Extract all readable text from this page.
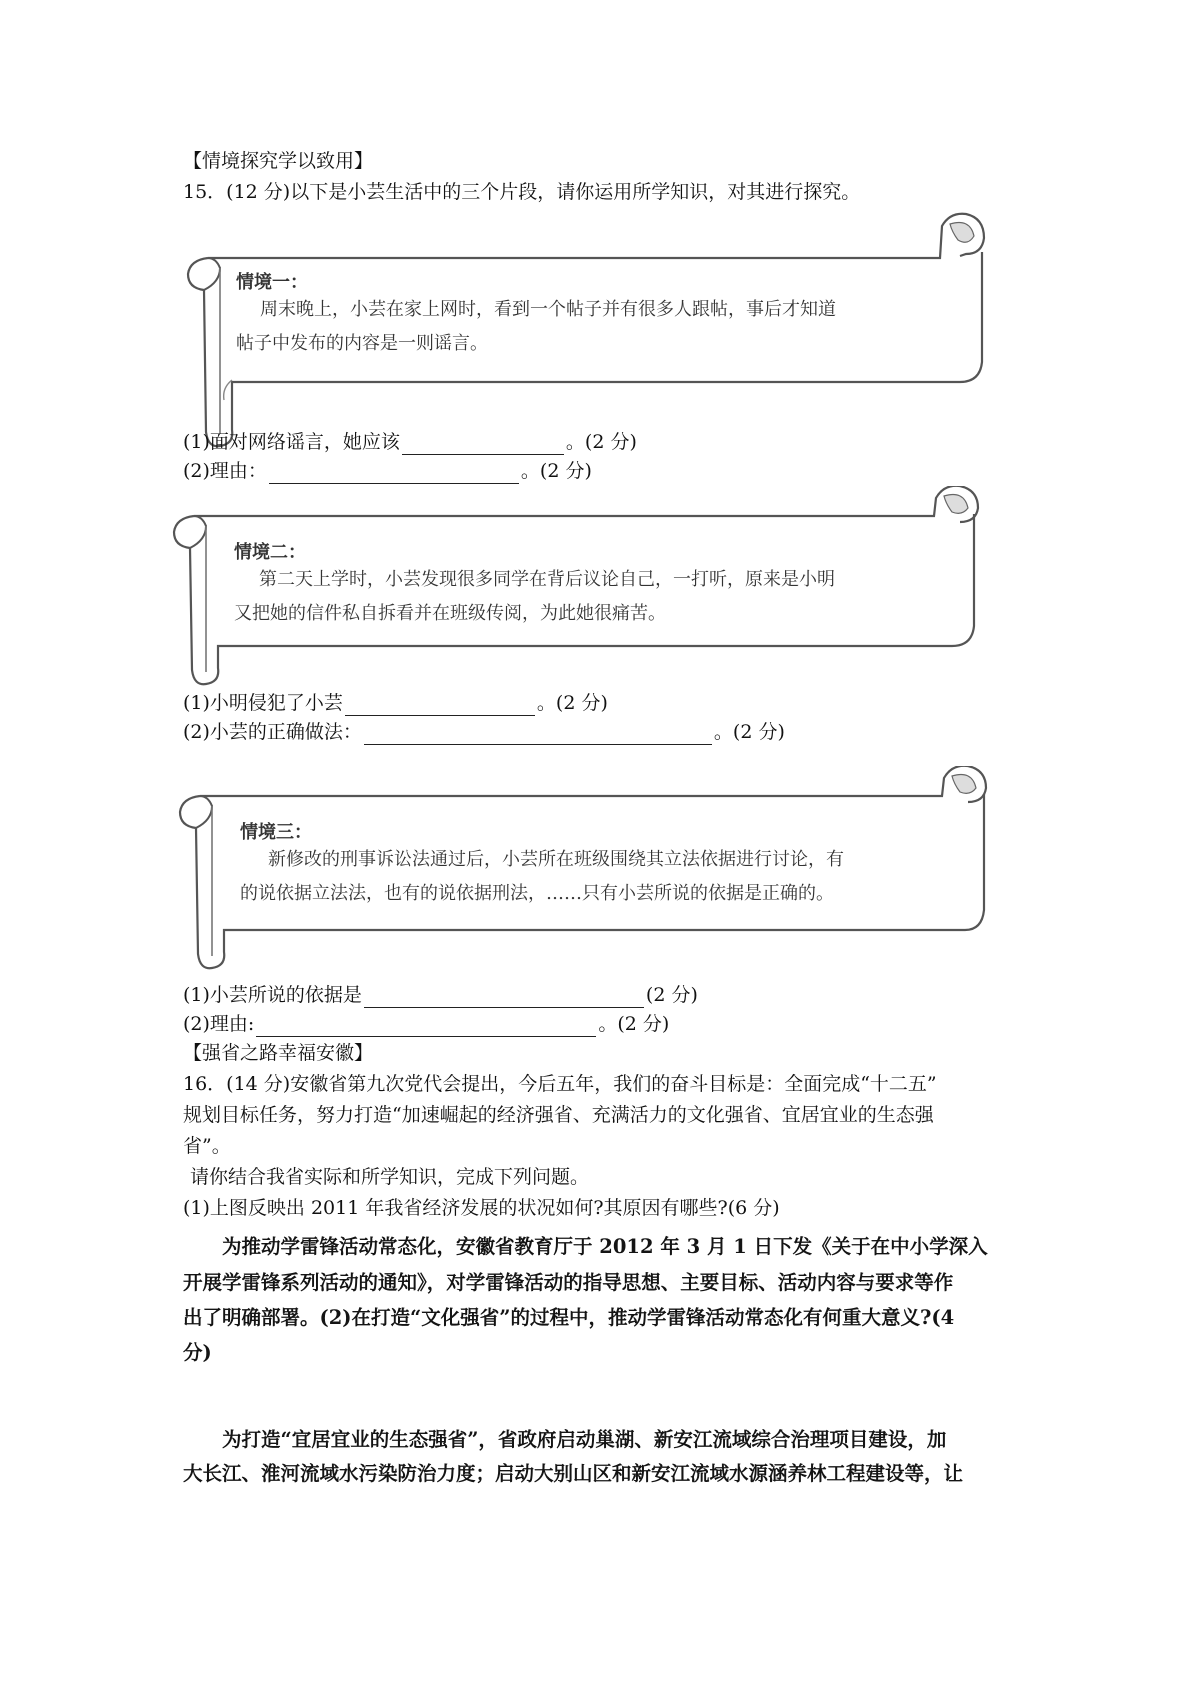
【情境探究学以致用】

15．(12 分)以下是小芸生活中的三个片段，请你运用所学知识，对其进行探究。

情境一：
周末晚上，小芸在家上网时，看到一个帖子并有很多人跟帖，事后才知道
帖子中发布的内容是一则谣言。

(1)面对网络谣言，她应该	。(2 分)

(2)理由：	。(2 分)

情境二：
第二天上学时，小芸发现很多同学在背后议论自己，一打听，原来是小明
又把她的信件私自拆看并在班级传阅，为此她很痛苦。

(1)小明侵犯了小芸	。(2 分)

(2)小芸的正确做法：	。(2 分)

情境三：
新修改的刑事诉讼法通过后，小芸所在班级围绕其立法依据进行讨论，有
的说依据立法法，也有的说依据刑法，……只有小芸所说的依据是正确的。

(1)小芸所说的依据是	(2 分)

(2)理由:	。(2 分)

【强省之路幸福安徽】

16．(14 分)安徽省第九次党代会提出，今后五年，我们的奋斗目标是：全面完成“十二五”

规划目标任务，努力打造“加速崛起的经济强省、充满活力的文化强省、宜居宜业的生态强

省”。

请你结合我省实际和所学知识，完成下列问题。

(1)上图反映出 2011 年我省经济发展的状况如何?其原因有哪些?(6 分)

为推动学雷锋活动常态化，安徽省教育厅于 2012 年 3 月 1 日下发《关于在中小学深入

开展学雷锋系列活动的通知》，对学雷锋活动的指导思想、主要目标、活动内容与要求等作

出了明确部署。(2)在打造“文化强省”的过程中，推动学雷锋活动常态化有何重大意义?(4

分)

为打造“宜居宜业的生态强省”，省政府启动巢湖、新安江流域综合治理项目建设，加

大长江、淮河流域水污染防治力度；启动大别山区和新安江流域水源涵养林工程建设等，让
